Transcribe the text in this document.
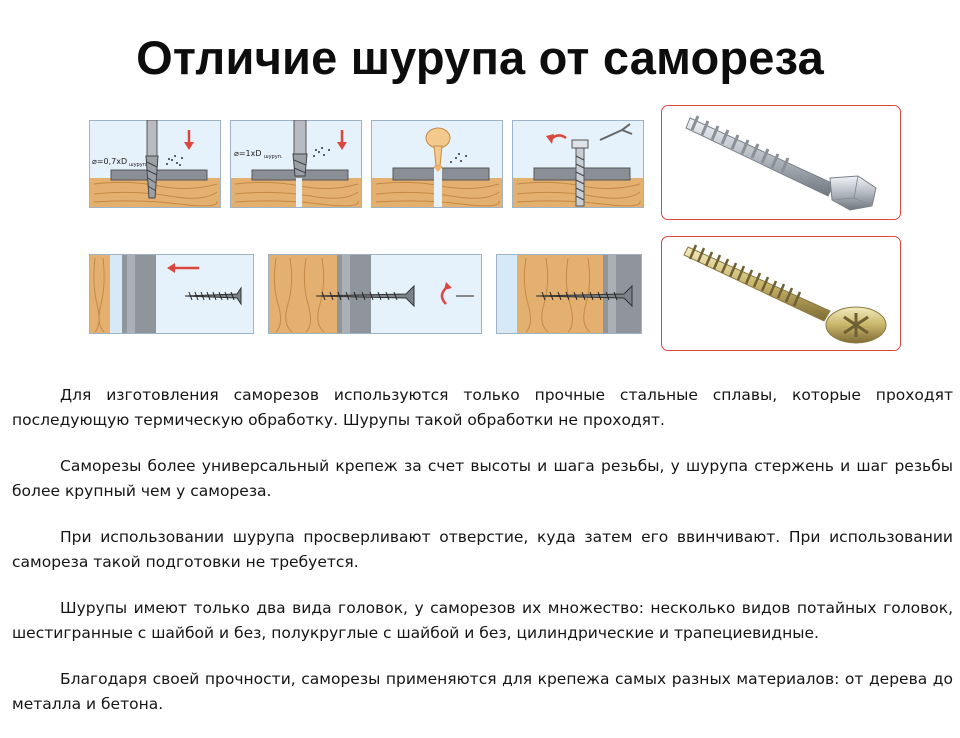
Отличие шурупа от самореза
⌀=0,7xD шуруп.
⌀=1xD шуруп.

Для изготовления саморезов используются только прочные стальные сплавы, которые проходят последующую термическую обработку. Шурупы такой обработки не проходят.

Саморезы более универсальный крепеж за счет высоты и шага резьбы, у шурупа стержень и шаг резьбы более крупный чем у самореза.

При использовании шурупа просверливают отверстие, куда затем его ввинчивают. При использовании самореза такой подготовки не требуется.

Шурупы имеют только два вида головок, у саморезов их множество: несколько видов потайных головок, шестигранные с шайбой и без, полукруглые с шайбой и без, цилиндрические и трапециевидные.

Благодаря своей прочности, саморезы применяются для крепежа самых разных материалов: от дерева до металла и бетона.
